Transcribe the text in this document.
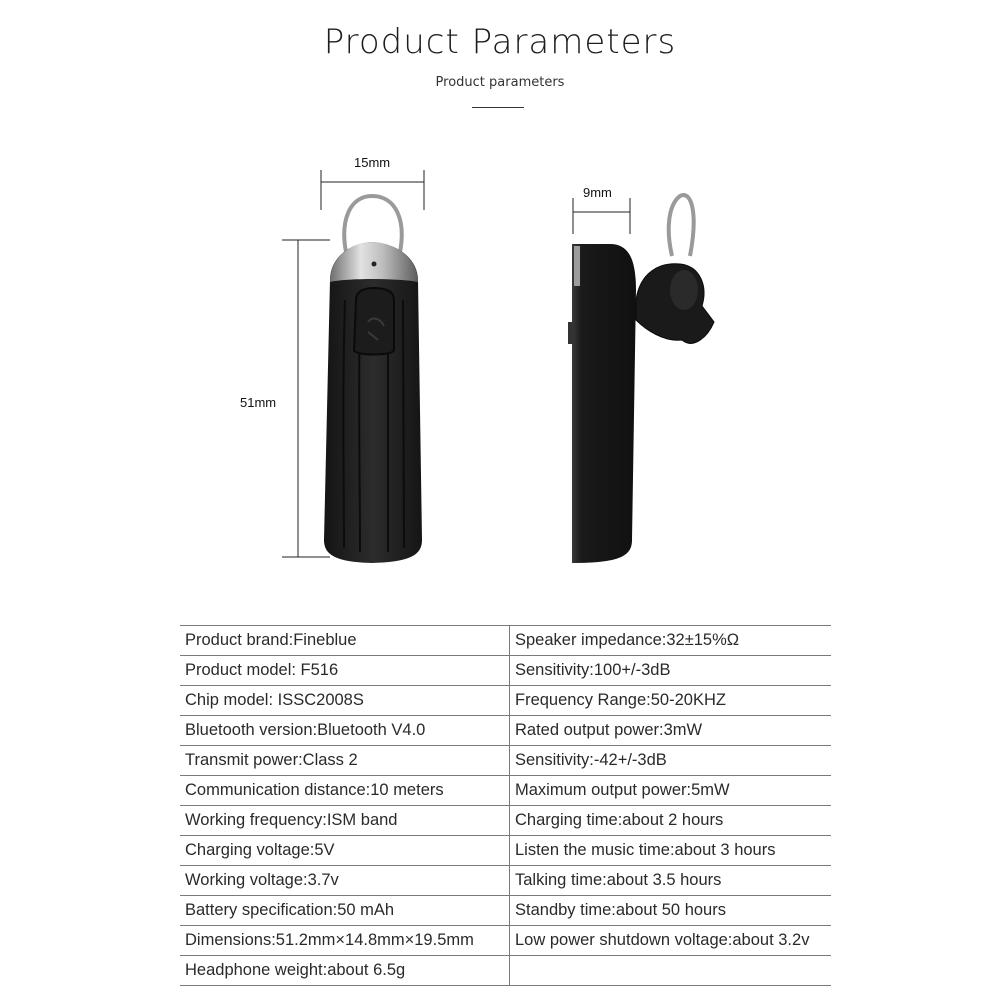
Product Parameters
Product parameters
15mm
51mm
9mm
Product brand:Fineblue	Speaker impedance:32±15%Ω
Product model: F516	Sensitivity:100+/-3dB
Chip model: ISSC2008S	Frequency Range:50-20KHZ
Bluetooth version:Bluetooth V4.0	Rated output power:3mW
Transmit power:Class 2	Sensitivity:-42+/-3dB
Communication distance:10 meters	Maximum output power:5mW
Working frequency:ISM band	Charging time:about 2 hours
Charging voltage:5V	Listen the music time:about 3 hours
Working voltage:3.7v	Talking time:about 3.5 hours
Battery specification:50 mAh	Standby time:about 50 hours
Dimensions:51.2mm×14.8mm×19.5mm	Low power shutdown voltage:about 3.2v
Headphone weight:about 6.5g	
